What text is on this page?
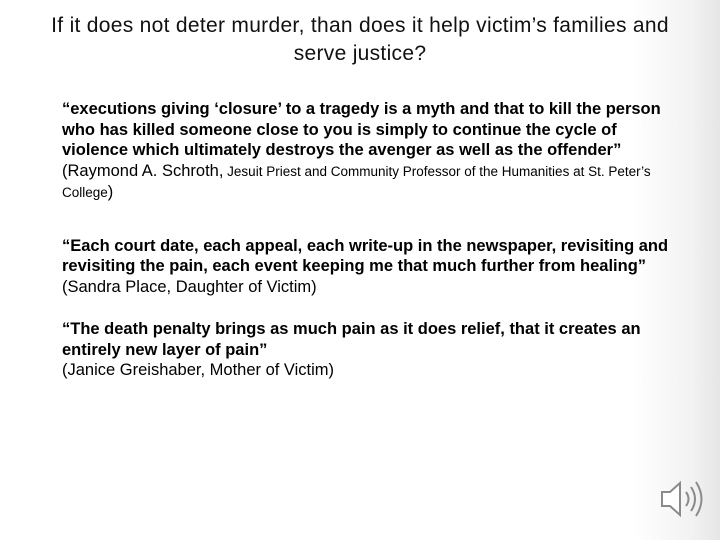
If it does not deter murder, than does it help victim’s families and serve justice?
“executions giving ‘closure’ to a tragedy is a myth and that to kill the person who has killed someone close to you is simply to continue the cycle of violence which ultimately destroys the avenger as well as the offender”
(Raymond A. Schroth, Jesuit Priest and Community Professor of the Humanities at St. Peter’s College)
“Each court date, each appeal, each write-up in the newspaper, revisiting and revisiting the pain, each event keeping me that much further from healing”
(Sandra Place, Daughter of Victim)
“The death penalty brings as much pain as it does relief, that it creates an entirely new layer of pain”
(Janice Greishaber, Mother of Victim)
